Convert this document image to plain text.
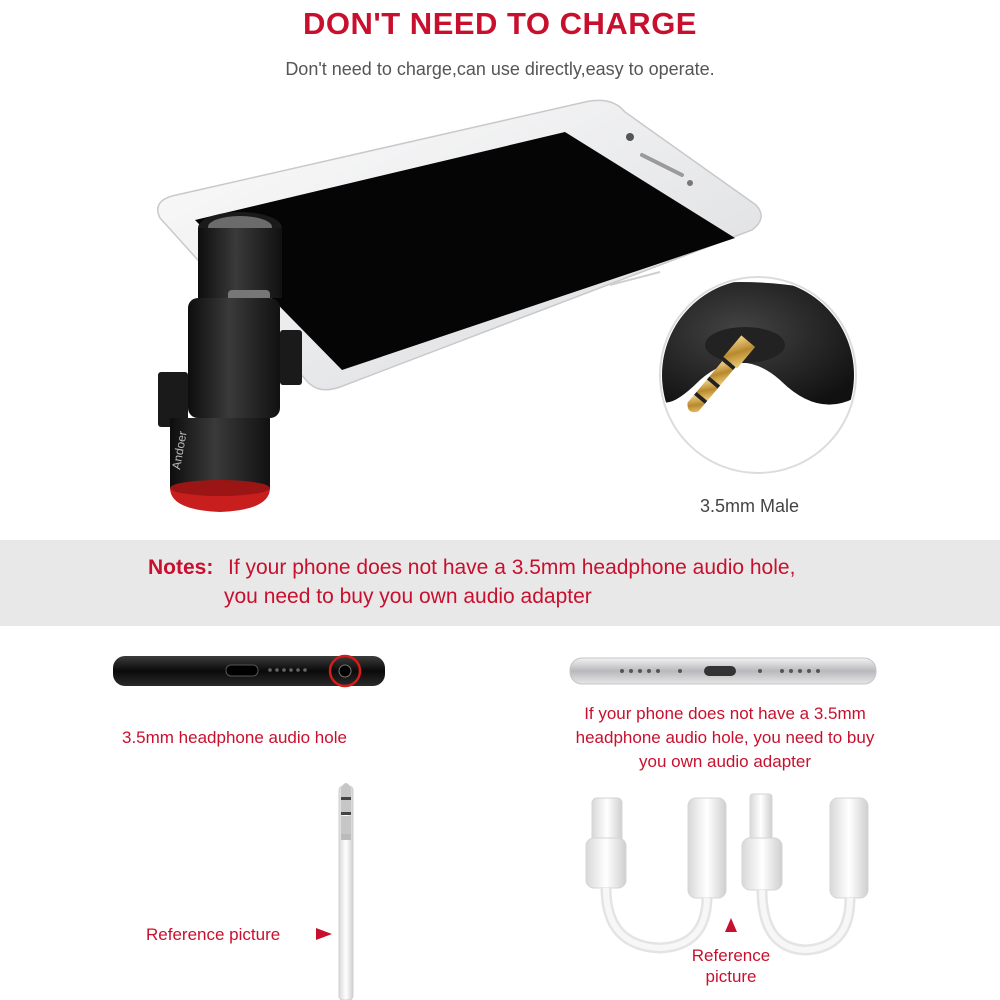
DON'T NEED TO CHARGE
Don't need to charge,can use directly,easy to operate.
Andoer
3.5mm Male
Notes: If your phone does not have a 3.5mm headphone audio hole,
you need to buy you own audio adapter
3.5mm headphone audio hole
If your phone does not have a 3.5mm
headphone audio hole, you need to buy
you own audio adapter
Reference picture
Reference
picture
